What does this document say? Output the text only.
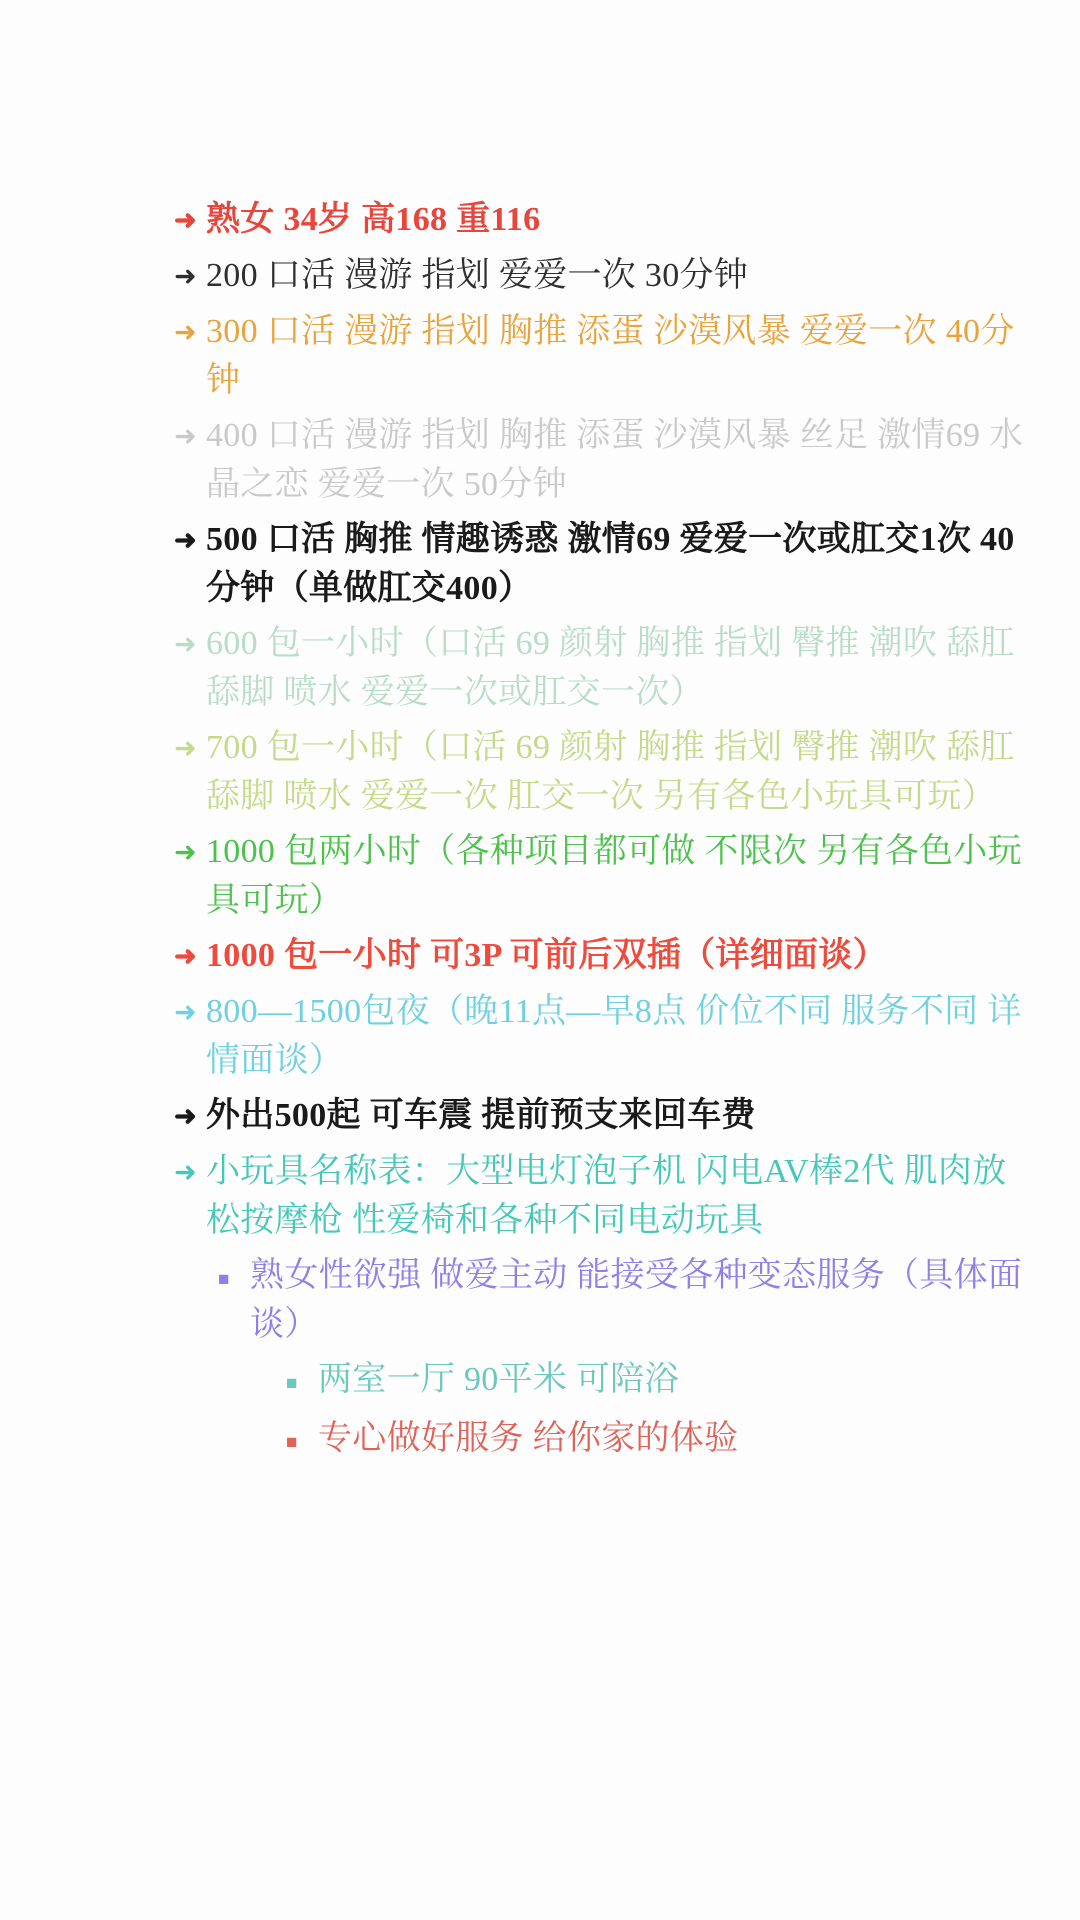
➜
熟女 34岁 高168 重116
➜
200 口活 漫游 指划 爱爱一次 30分钟
➜
300 口活 漫游 指划 胸推 添蛋 沙漠风暴 爱爱一次 40分钟
➜
400 口活 漫游 指划 胸推 添蛋 沙漠风暴 丝足 激情69 水晶之恋 爱爱一次 50分钟
➜
500 口活 胸推 情趣诱惑 激情69 爱爱一次或肛交1次 40分钟（单做肛交400）
➜
600 包一小时（口活 69 颜射 胸推 指划 臀推 潮吹 舔肛 舔脚 喷水 爱爱一次或肛交一次）
➜
700 包一小时（口活 69 颜射 胸推 指划 臀推 潮吹 舔肛 舔脚 喷水 爱爱一次 肛交一次 另有各色小玩具可玩）
➜
1000 包两小时（各种项目都可做 不限次 另有各色小玩具可玩）
➜
1000 包一小时 可3P 可前后双插（详细面谈）
➜
800—1500包夜（晚11点—早8点 价位不同 服务不同 详情面谈）
➜
外出500起 可车震 提前预支来回车费
➜
小玩具名称表：大型电灯泡子机 闪电AV棒2代 肌肉放松按摩枪 性爱椅和各种不同电动玩具
■
熟女性欲强 做爱主动 能接受各种变态服务（具体面谈）
■
两室一厅 90平米 可陪浴
■
专心做好服务 给你家的体验
